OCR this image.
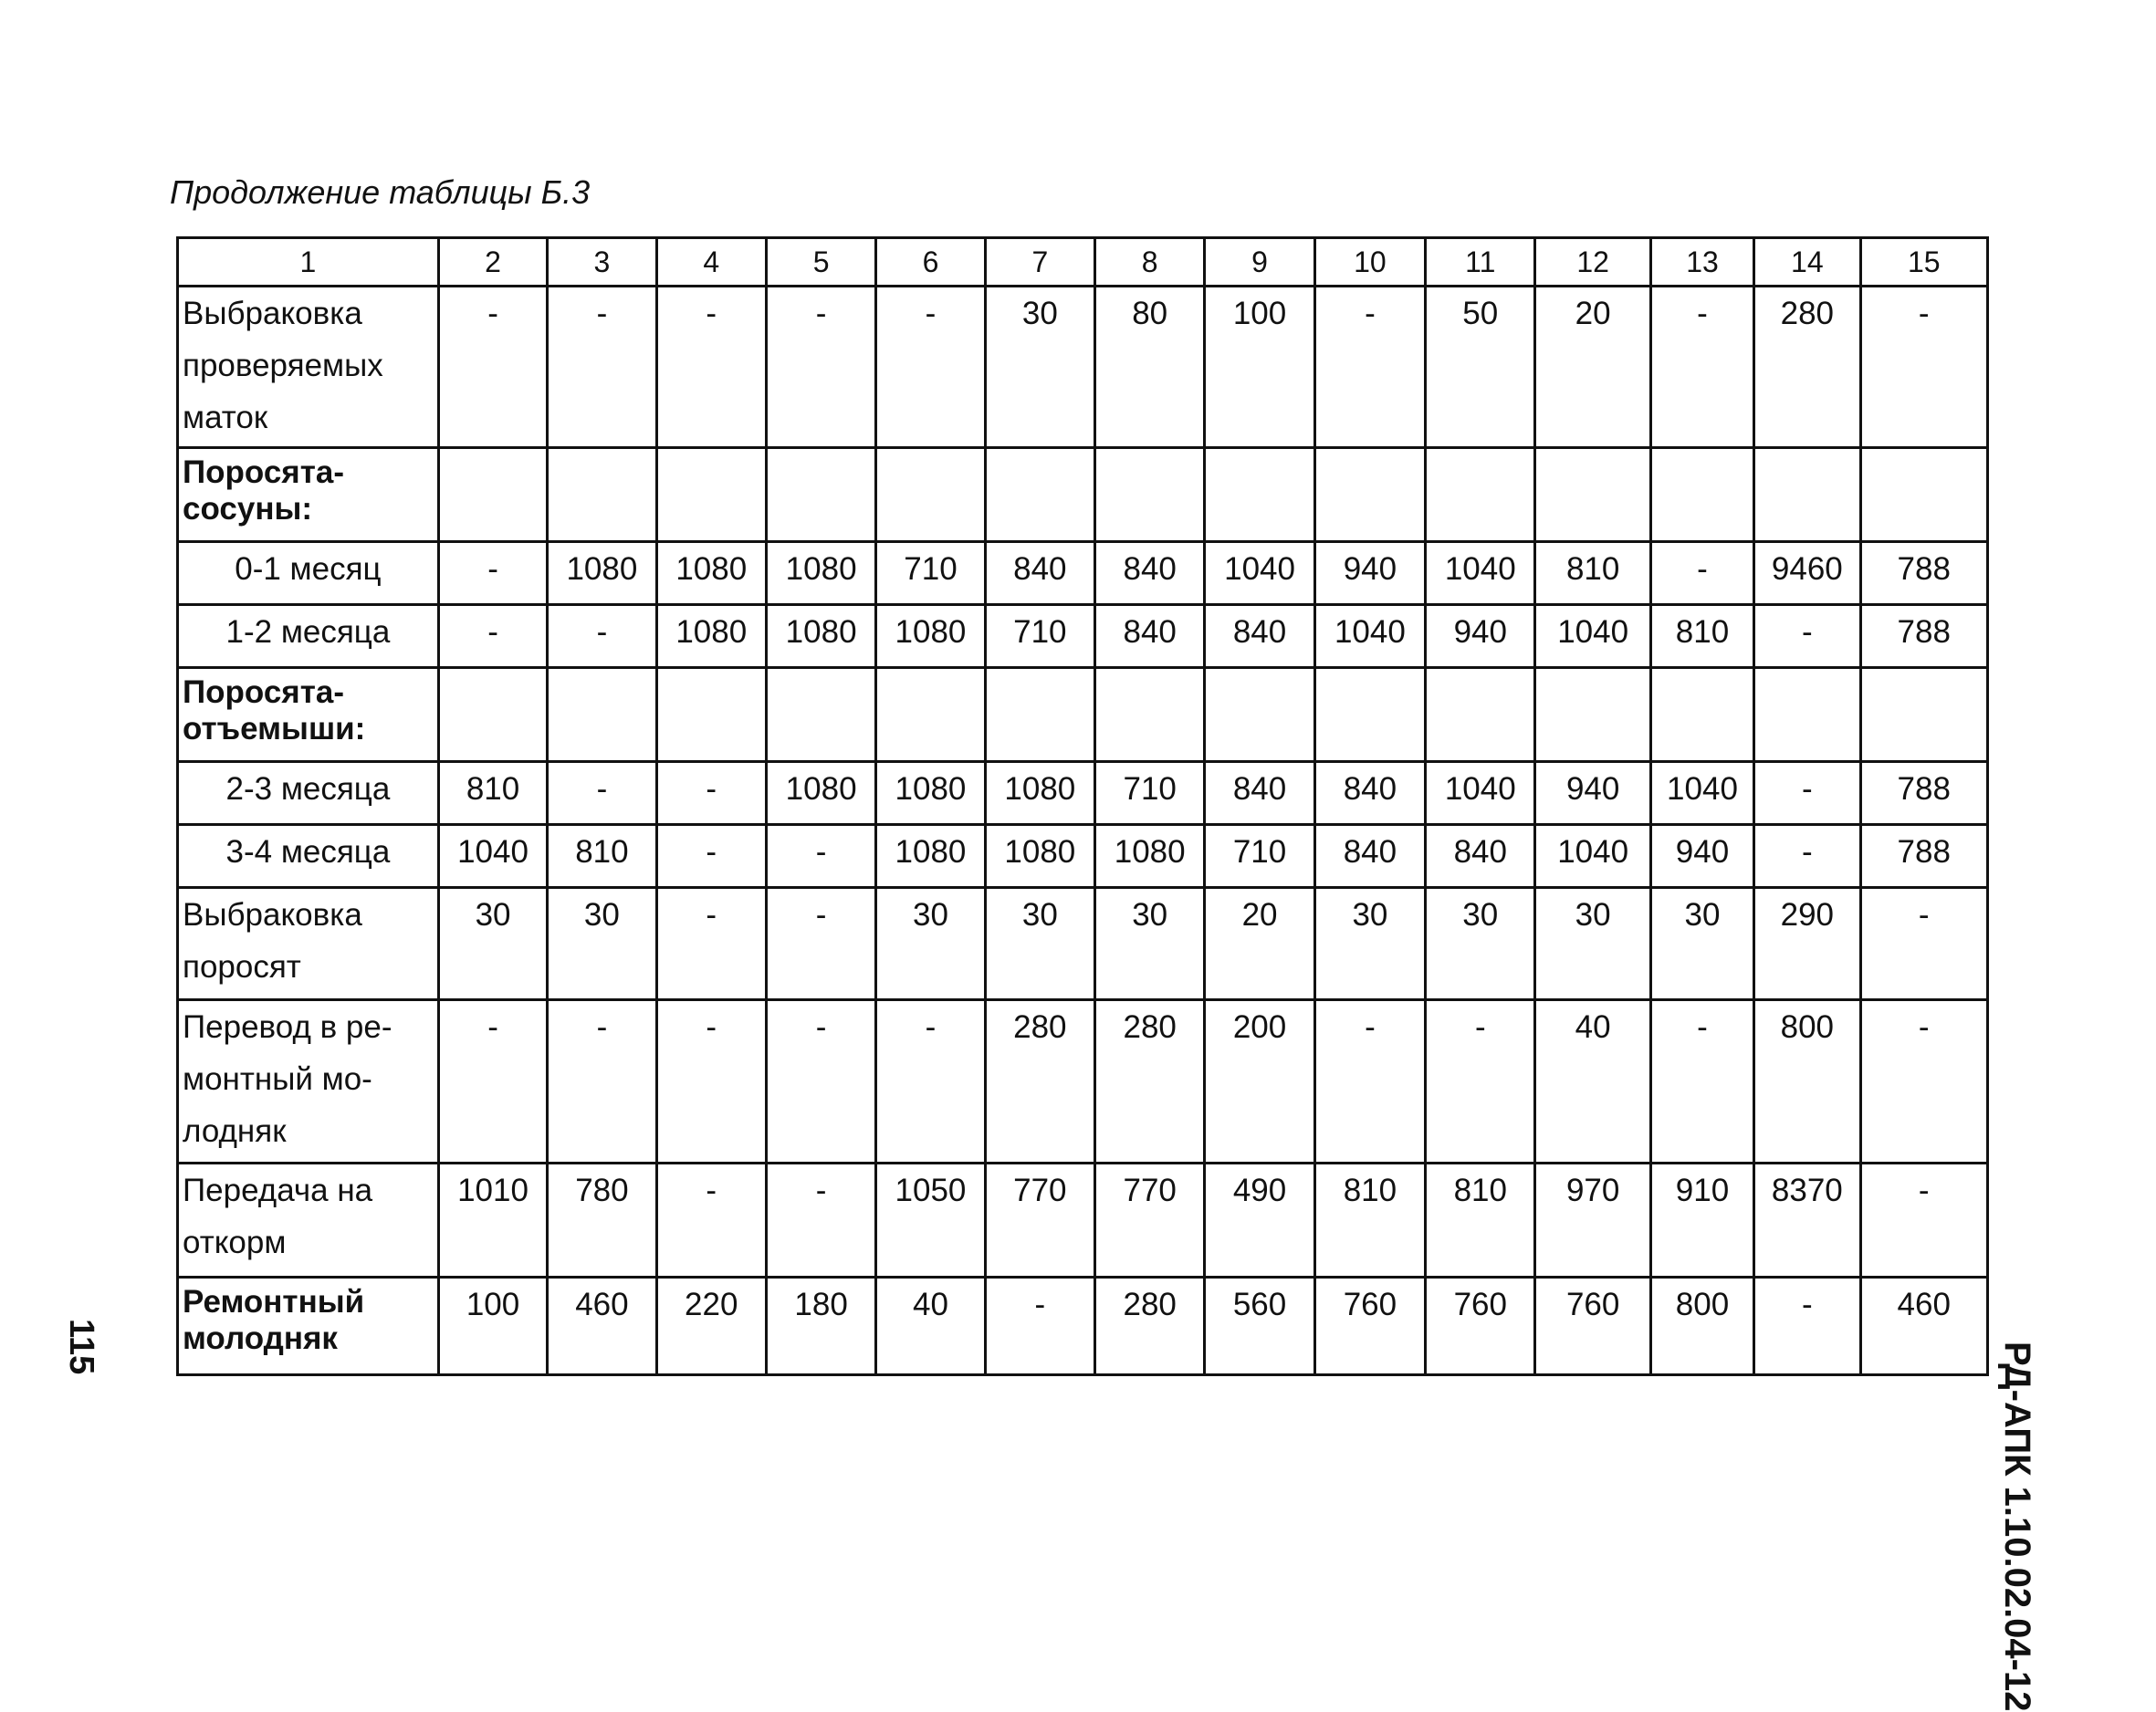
Продолжение таблицы Б.3
1	2	3	4	5	6	7	8	9	10	11	12	13	14	15

Выбраковка
проверяемых
маток	-	-	-	-	-	30	80	100	-	50	20	-	280	-

Поросята-
сосуны:														

0-1 месяц	-	1080	1080	1080	710	840	840	1040	940	1040	810	-	9460	788

1-2 месяца	-	-	1080	1080	1080	710	840	840	1040	940	1040	810	-	788

Поросята-
отъемыши:														

2-3 месяца	810	-	-	1080	1080	1080	710	840	840	1040	940	1040	-	788

3-4 месяца	1040	810	-	-	1080	1080	1080	710	840	840	1040	940	-	788

Выбраковка
поросят	30	30	-	-	30	30	30	20	30	30	30	30	290	-

Перевод в ре-
монтный мо-
лодняк	-	-	-	-	-	280	280	200	-	-	40	-	800	-

Передача на
откорм	1010	780	-	-	1050	770	770	490	810	810	970	910	8370	-

Ремонтный
молодняк	100	460	220	180	40	-	280	560	760	760	760	800	-	460
РД-АПК 1.10.02.04-12
115
